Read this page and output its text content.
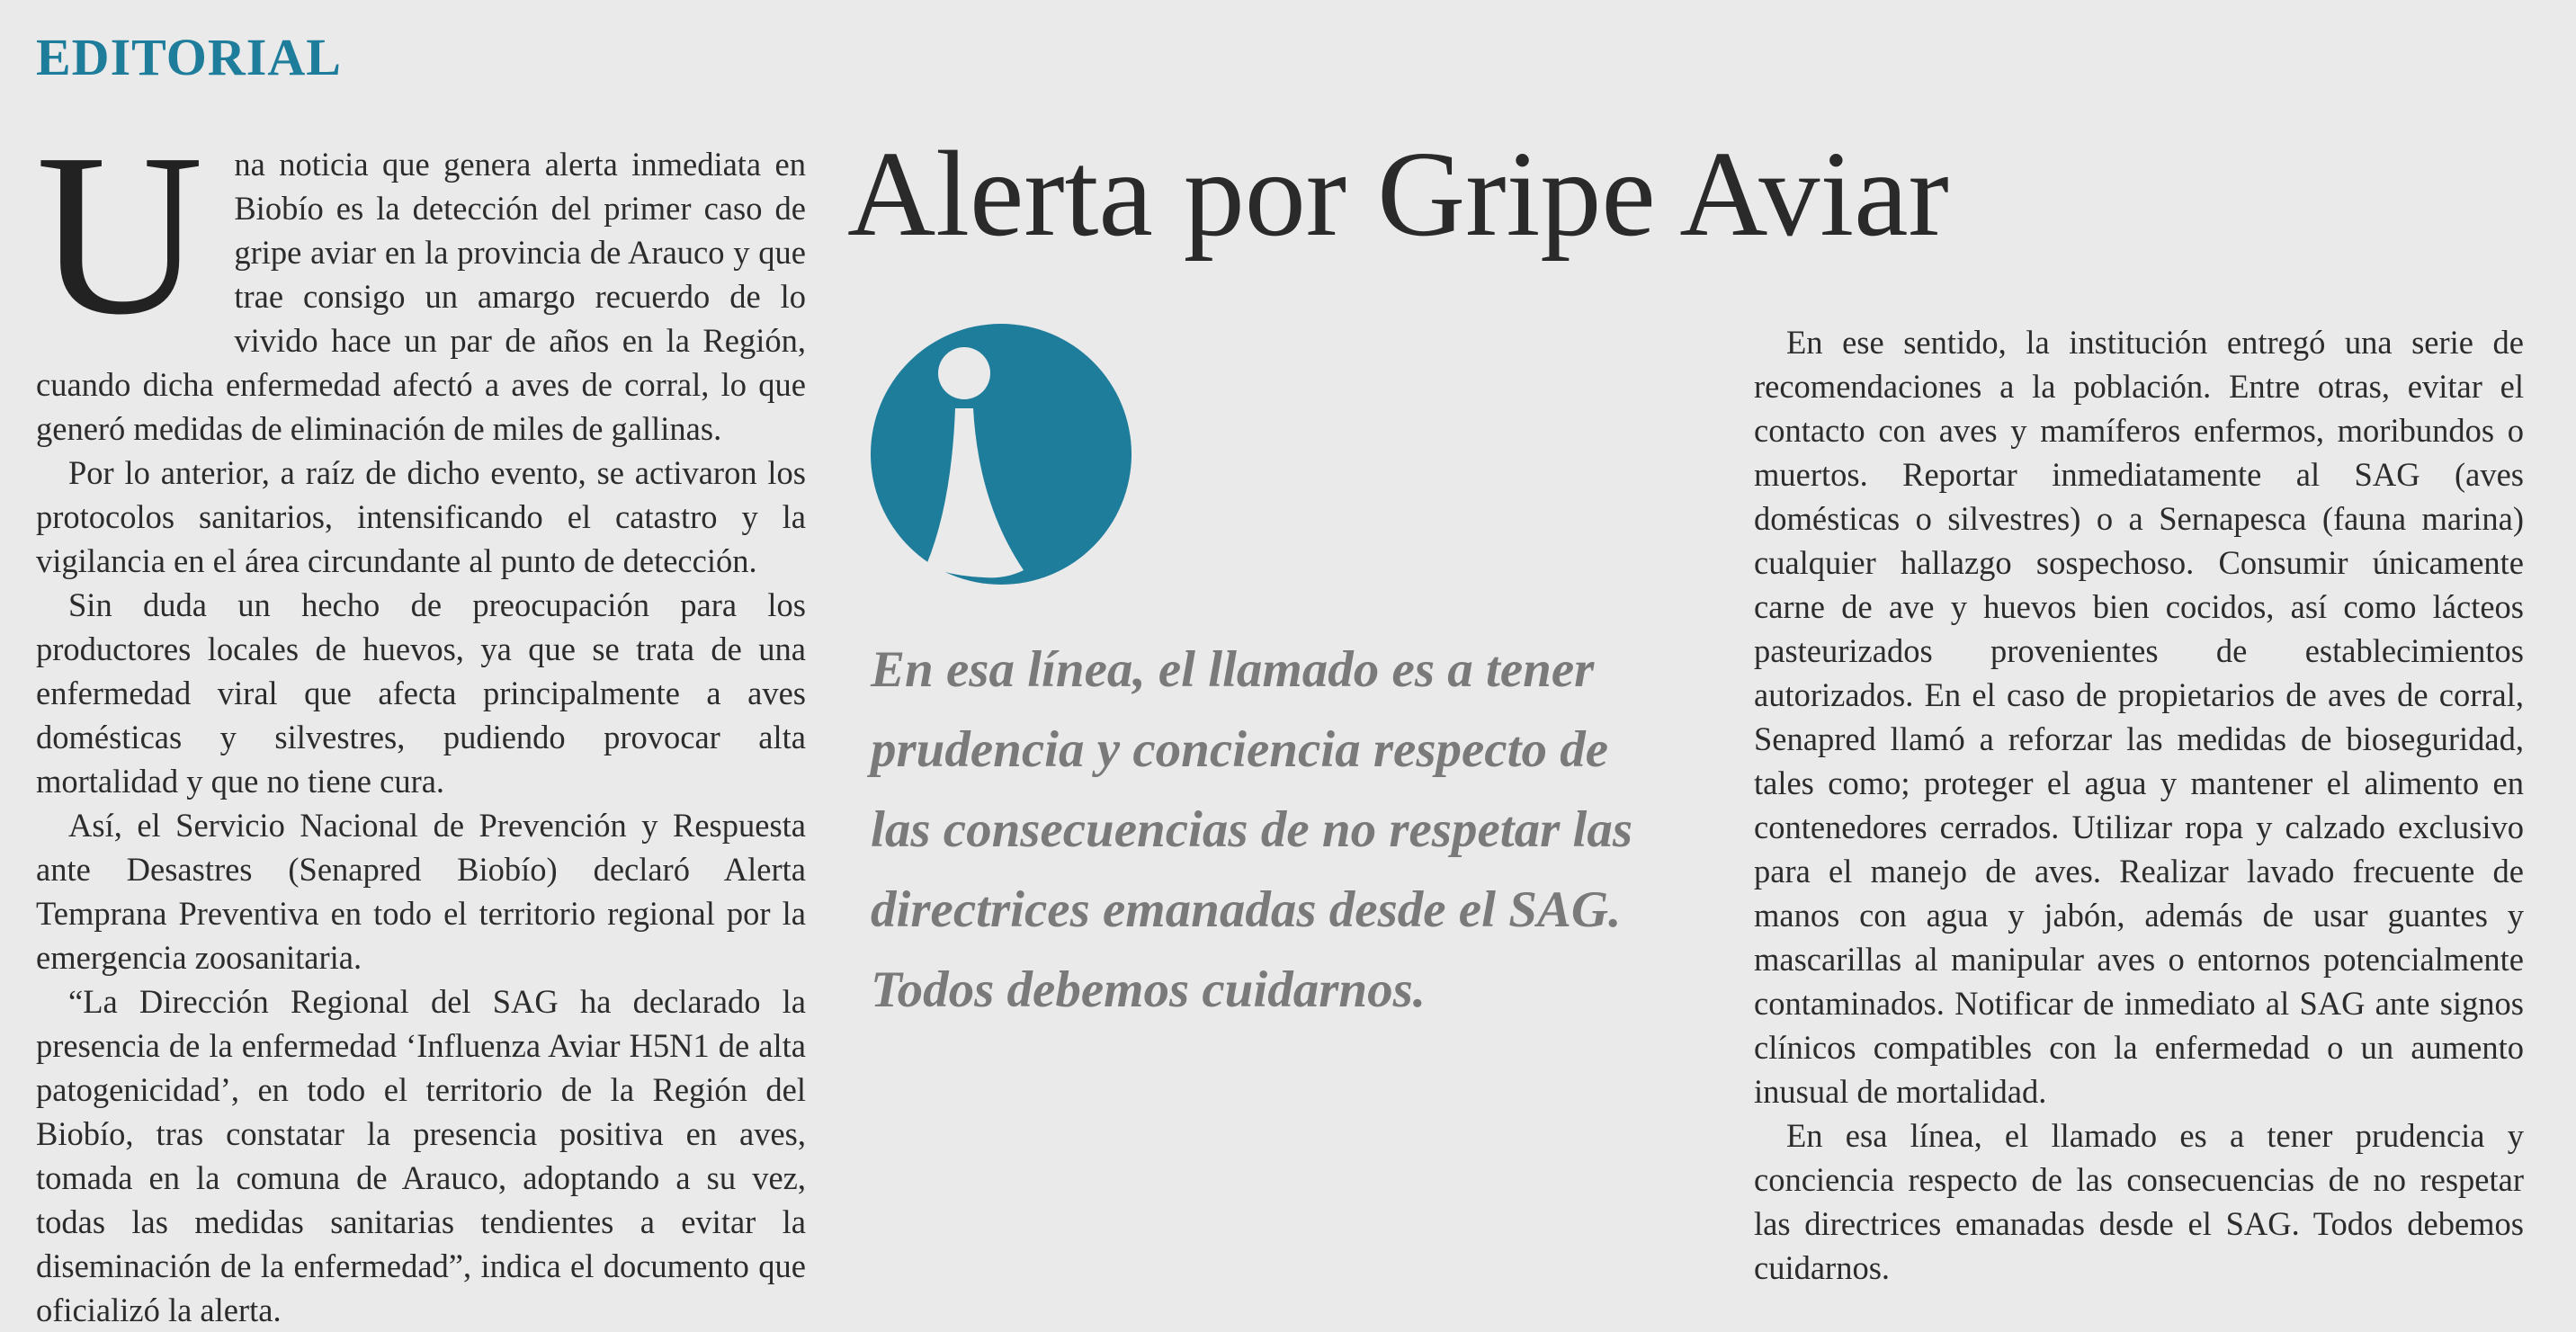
EDITORIAL
U na noticia que genera alerta inmediata en Biobío es la detección del primer caso de gripe aviar en la provincia de Arauco y que trae consigo un amargo recuerdo de lo vivido hace un par de años en la Región, cuando dicha enfermedad afectó a aves de corral, lo que generó medidas de eliminación de miles de gallinas.

Por lo anterior, a raíz de dicho evento, se activaron los protocolos sanitarios, intensificando el catastro y la vigilancia en el área circundante al punto de detección.

Sin duda un hecho de preocupación para los productores locales de huevos, ya que se trata de una enfermedad viral que afecta principalmente a aves domésticas y silvestres, pudiendo provocar alta mortalidad y que no tiene cura.

Así, el Servicio Nacional de Prevención y Respuesta ante Desastres (Senapred Biobío) declaró Alerta Temprana Preventiva en todo el territorio regional por la emergencia zoosanitaria.

“La Dirección Regional del SAG ha declarado la presencia de la enfermedad ‘Influenza Aviar H5N1 de alta patogenicidad’, en todo el territorio de la Región del Biobío, tras constatar la presencia positiva en aves, tomada en la comuna de Arauco, adoptando a su vez, todas las medidas sanitarias tendientes a evitar la diseminación de la enfermedad”, indica el documento que oficializó la alerta.

Alerta por Gripe Aviar

En esa línea, el llamado es a tener prudencia y conciencia respecto de las consecuencias de no respetar las directrices emanadas desde el SAG. Todos debemos cuidarnos.

En ese sentido, la institución entregó una serie de recomendaciones a la población. Entre otras, evitar el contacto con aves y mamíferos enfermos, moribundos o muertos. Reportar inmediatamente al SAG (aves domésticas o silvestres) o a Sernapesca (fauna marina) cualquier hallazgo sospechoso. Consumir únicamente carne de ave y huevos bien cocidos, así como lácteos pasteurizados provenientes de establecimientos autorizados. En el caso de propietarios de aves de corral, Senapred llamó a reforzar las medidas de bioseguridad, tales como; proteger el agua y mantener el alimento en contenedores cerrados. Utilizar ropa y calzado exclusivo para el manejo de aves. Realizar lavado frecuente de manos con agua y jabón, además de usar guantes y mascarillas al manipular aves o entornos potencialmente contaminados. Notificar de inmediato al SAG ante signos clínicos compatibles con la enfermedad o un aumento inusual de mortalidad.

En esa línea, el llamado es a tener prudencia y conciencia respecto de las consecuencias de no respetar las directrices emanadas desde el SAG. Todos debemos cuidarnos.
